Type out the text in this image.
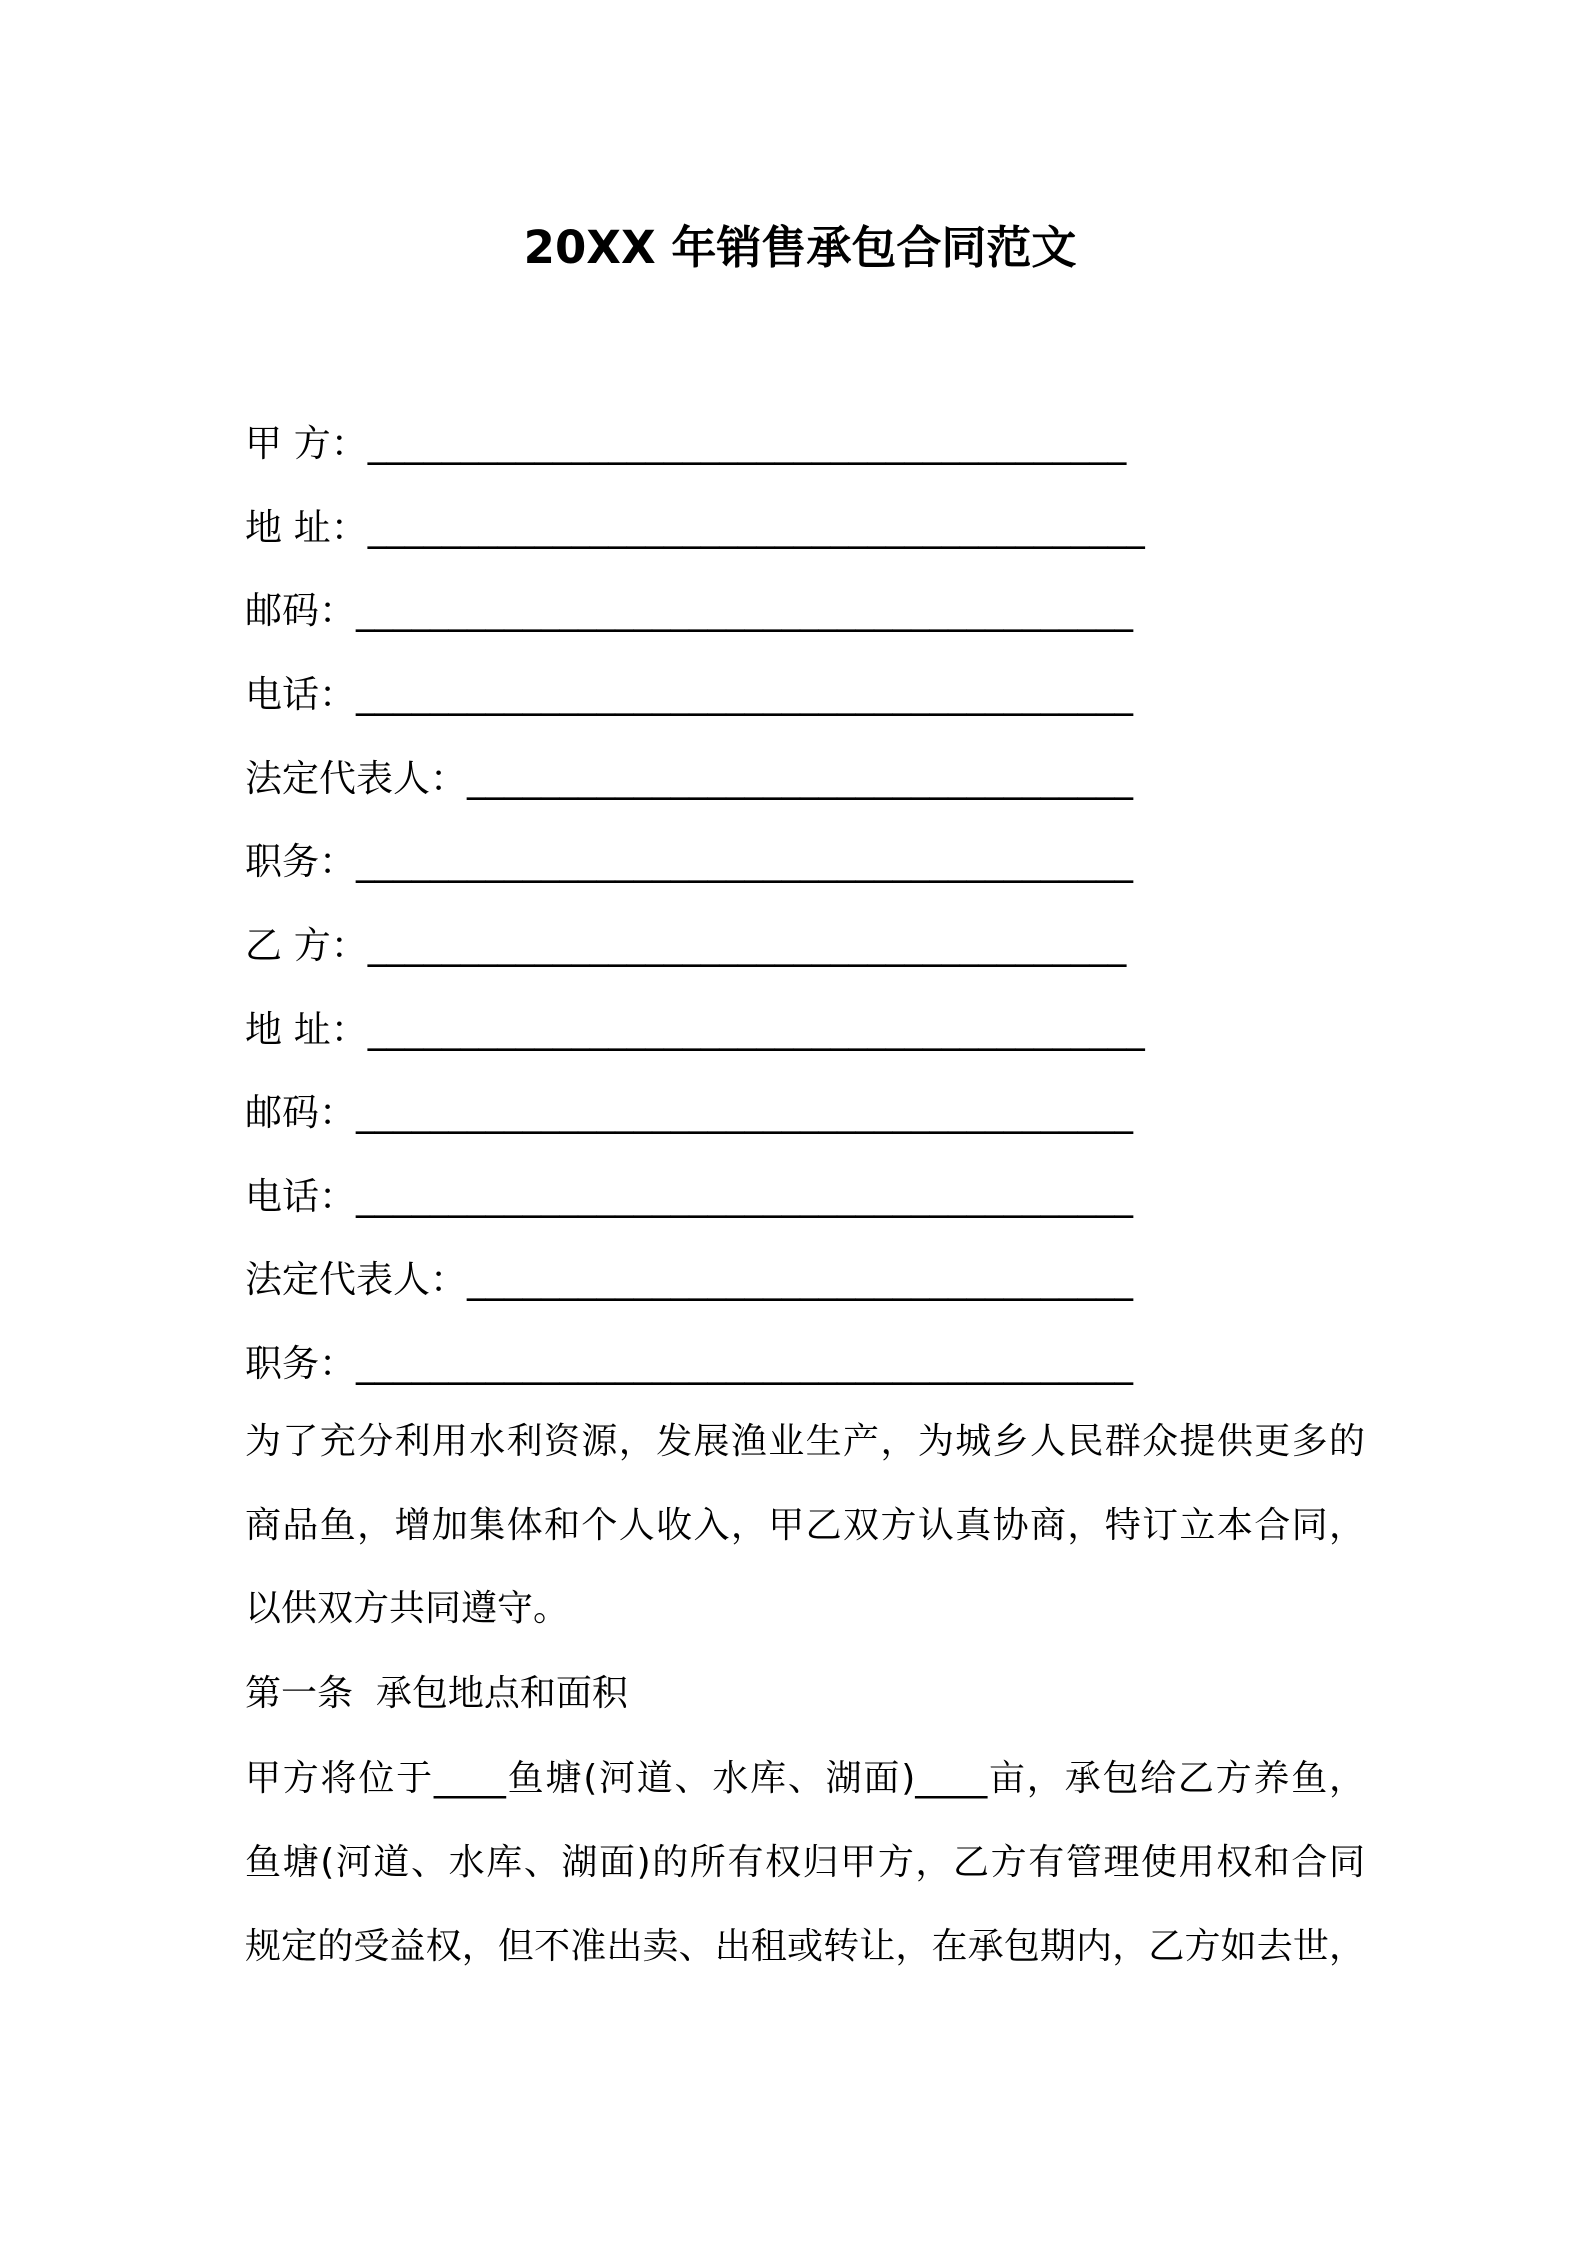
20XX 年销售承包合同范文
甲 方：_________________________________________
地 址：__________________________________________
邮码：__________________________________________
电话：__________________________________________
法定代表人：____________________________________
职务：__________________________________________
乙 方：_________________________________________
地 址：__________________________________________
邮码：__________________________________________
电话：__________________________________________
法定代表人：____________________________________
职务：__________________________________________
为了充分利用水利资源，发展渔业生产，为城乡人民群众提供更多的
商品鱼，增加集体和个人收入，甲乙双方认真协商，特订立本合同，
以供双方共同遵守。
第一条  承包地点和面积
甲方将位于____鱼塘(河道、水库、湖面)____亩，承包给乙方养鱼，
鱼塘(河道、水库、湖面)的所有权归甲方，乙方有管理使用权和合同
规定的受益权，但不准出卖、出租或转让，在承包期内，乙方如去世，
